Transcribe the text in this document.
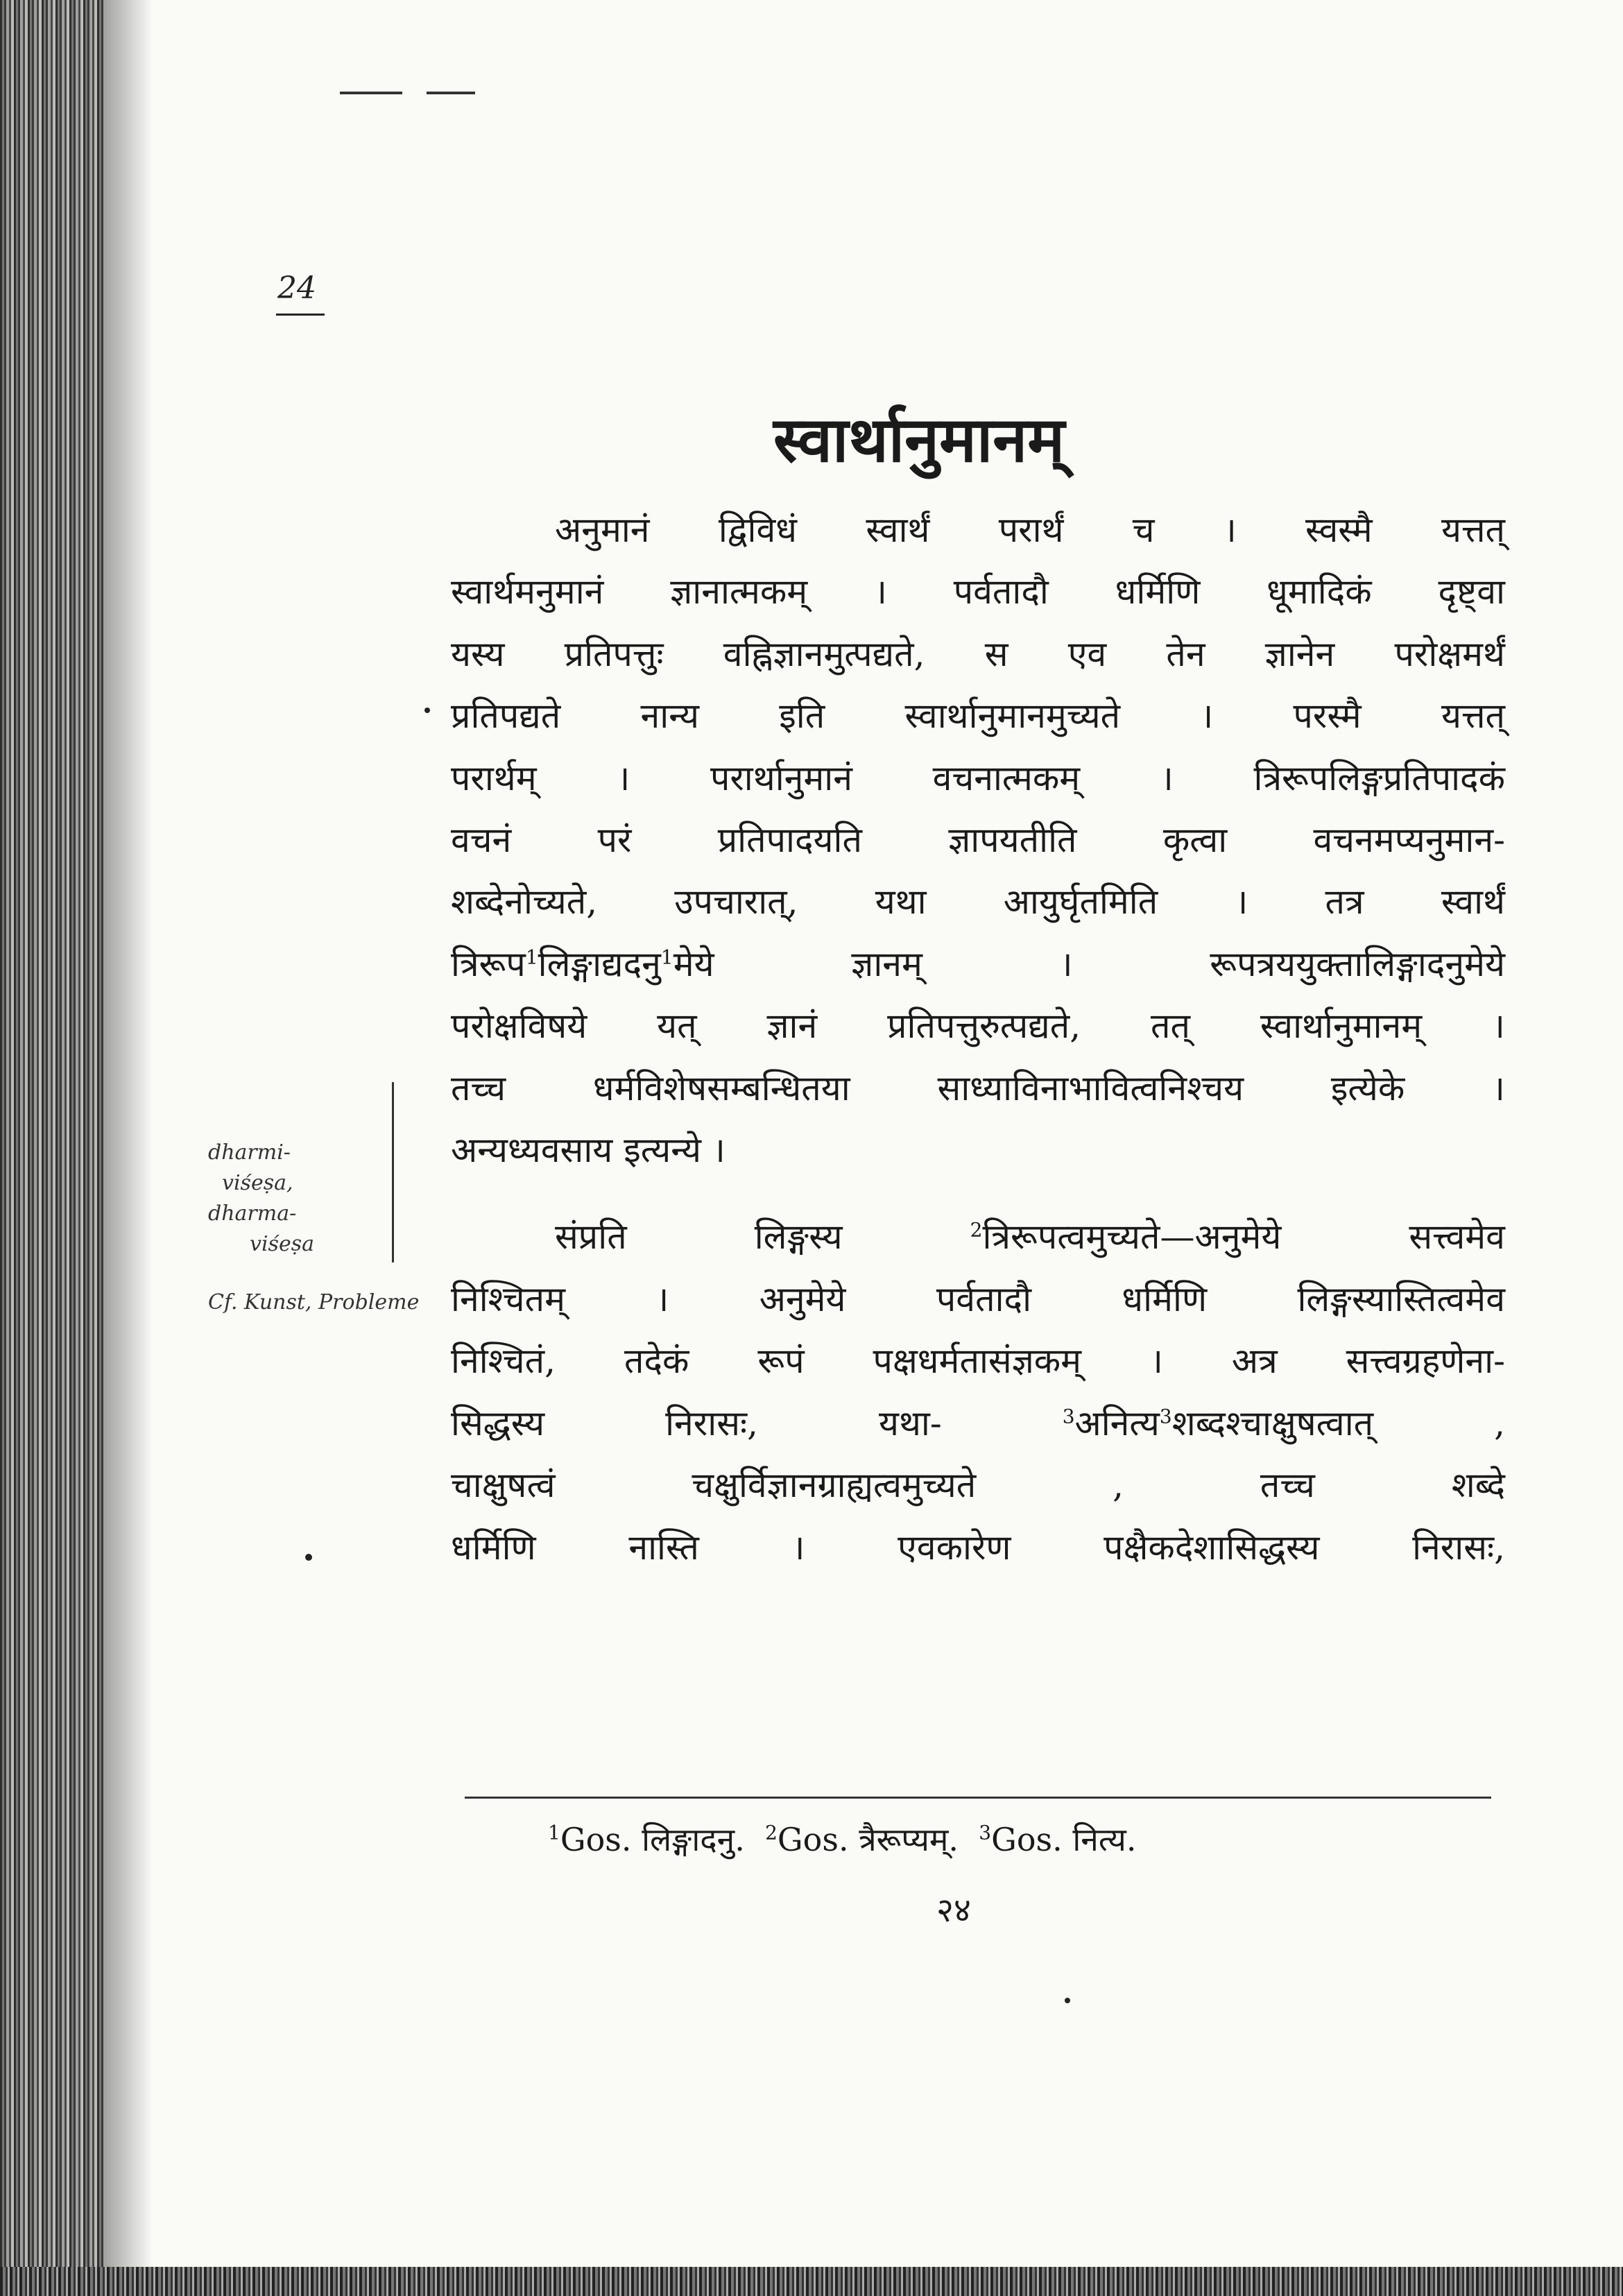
24
स्वार्थानुमानम्
अनुमानं द्विविधं स्वार्थं परार्थं च । स्वस्मै यत्तत्
स्वार्थमनुमानं ज्ञानात्मकम् । पर्वतादौ धर्मिणि धूमादिकं दृष्ट्वा
यस्य प्रतिपत्तुः वह्निज्ञानमुत्पद्यते, स एव तेन ज्ञानेन परोक्षमर्थं
प्रतिपद्यते नान्य इति स्वार्थानुमानमुच्यते । परस्मै यत्तत्
परार्थम् । परार्थानुमानं वचनात्मकम् । त्रिरूपलिङ्गप्रतिपादकं
वचनं परं प्रतिपादयति ज्ञापयतीति कृत्वा वचनमप्यनुमान-
शब्देनोच्यते, उपचारात्, यथा आयुर्घृतमिति । तत्र स्वार्थं
त्रिरूप$^1$लिङ्गाद्यदनु$^1$मेये ज्ञानम् । रूपत्रययुक्तालिङ्गादनुमेये
परोक्षविषये यत् ज्ञानं प्रतिपत्तुरुत्पद्यते, तत् स्वार्थानुमानम् ।
तच्च धर्मविशेषसम्बन्धितया साध्याविनाभावित्वनिश्चय इत्येके ।
अन्यध्यवसाय इत्यन्ये ।
संप्रति लिङ्गस्य	$^2$त्रिरूपत्वमुच्यते—अनुमेये सत्त्वमेव
निश्चितम् । अनुमेये पर्वतादौ धर्मिणि लिङ्गस्यास्तित्वमेव
निश्चितं, तदेकं रूपं पक्षधर्मतासंज्ञकम् । अत्र सत्त्वग्रहणेना-
सिद्धस्य निरासः, यथा-	$^3$अनित्य$^3$शब्दश्चाक्षुषत्वात् ,
चाक्षुषत्वं चक्षुर्विज्ञानग्राह्यत्वमुच्यते , तच्च शब्दे
धर्मिणि नास्ति । एवकारेण पक्षैकदेशासिद्धस्य निरासः,
dharmi-
viśeṣa,
dharma-
viśeṣa
Cf. Kunst, Probleme
$^1$Gos. लिङ्गादनु. $^2$Gos. त्रैरूप्यम्. $^3$Gos. नित्य.
२४
